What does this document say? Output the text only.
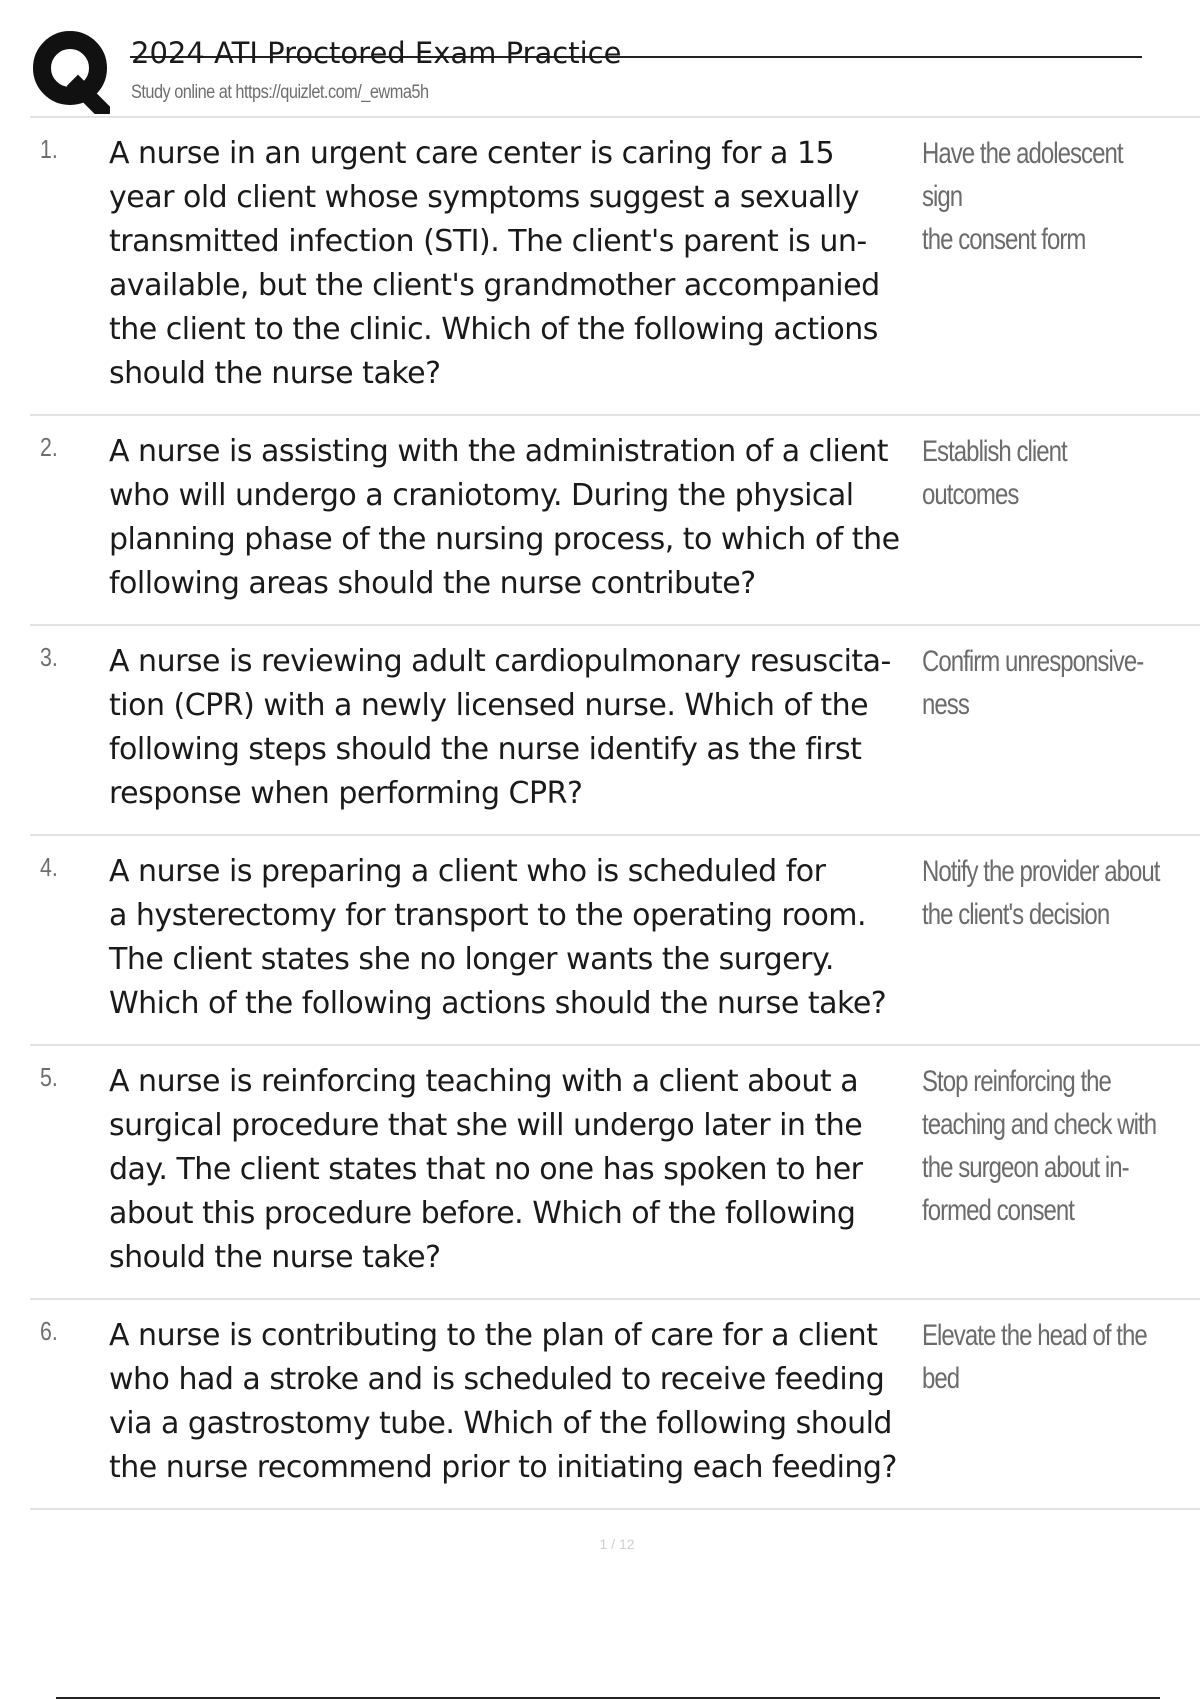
2024 ATI Proctored Exam Practice
Study online at https://quizlet.com/_ewma5h
1. A nurse in an urgent care center is caring for a 15
year old client whose symptoms suggest a sexually
transmitted infection (STI). The client's parent is un-
available, but the client's grandmother accompanied
the client to the clinic. Which of the following actions
should the nurse take?
Have the adolescent sign
the consent form
2. A nurse is assisting with the administration of a client
who will undergo a craniotomy. During the physical
planning phase of the nursing process, to which of the
following areas should the nurse contribute?
Establish client outcomes
3. A nurse is reviewing adult cardiopulmonary resuscita-
tion (CPR) with a newly licensed nurse. Which of the
following steps should the nurse identify as the first
response when performing CPR?
Confirm unresponsive-
ness
4. A nurse is preparing a client who is scheduled for
a hysterectomy for transport to the operating room.
The client states she no longer wants the surgery.
Which of the following actions should the nurse take?
Notify the provider about
the client's decision
5. A nurse is reinforcing teaching with a client about a
surgical procedure that she will undergo later in the
day. The client states that no one has spoken to her
about this procedure before. Which of the following
should the nurse take?
Stop reinforcing the
teaching and check with
the surgeon about in-
formed consent
6. A nurse is contributing to the plan of care for a client
who had a stroke and is scheduled to receive feeding
via a gastrostomy tube. Which of the following should
the nurse recommend prior to initiating each feeding?
Elevate the head of the
bed
1 / 12
